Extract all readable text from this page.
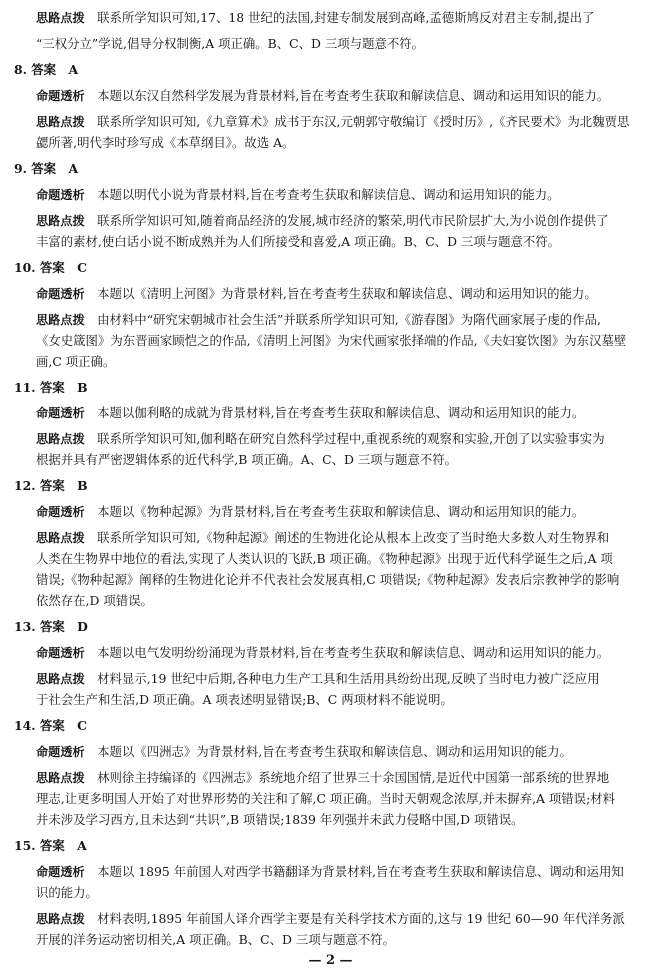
思路点拨  联系所学知识可知,17、18 世纪的法国,封建专制发展到高峰,孟德斯鸠反对君主专制,提出了
“三权分立”学说,倡导分权制衡,A 项正确。B、C、D 三项与题意不符。
8. 答案  A
命题透析  本题以东汉自然科学发展为背景材料,旨在考查考生获取和解读信息、调动和运用知识的能力。
思路点拨  联系所学知识可知,《九章算术》成书于东汉,元朝郭守敬编订《授时历》,《齐民要术》为北魏贾思
勰所著,明代李时珍写成《本草纲目》。故选 A。
9. 答案  A
命题透析  本题以明代小说为背景材料,旨在考查考生获取和解读信息、调动和运用知识的能力。
思路点拨  联系所学知识可知,随着商品经济的发展,城市经济的繁荣,明代市民阶层扩大,为小说创作提供了
丰富的素材,使白话小说不断成熟并为人们所接受和喜爱,A 项正确。B、C、D 三项与题意不符。
10. 答案  C
命题透析  本题以《清明上河图》为背景材料,旨在考查考生获取和解读信息、调动和运用知识的能力。
思路点拨  由材料中“研究宋朝城市社会生活”并联系所学知识可知,《游春图》为隋代画家展子虔的作品,
《女史箴图》为东晋画家顾恺之的作品,《清明上河图》为宋代画家张择端的作品,《夫妇宴饮图》为东汉墓壁
画,C 项正确。
11. 答案  B
命题透析  本题以伽利略的成就为背景材料,旨在考查考生获取和解读信息、调动和运用知识的能力。
思路点拨  联系所学知识可知,伽利略在研究自然科学过程中,重视系统的观察和实验,开创了以实验事实为
根据并具有严密逻辑体系的近代科学,B 项正确。A、C、D 三项与题意不符。
12. 答案  B
命题透析  本题以《物种起源》为背景材料,旨在考查考生获取和解读信息、调动和运用知识的能力。
思路点拨  联系所学知识可知,《物种起源》阐述的生物进化论从根本上改变了当时绝大多数人对生物界和
人类在生物界中地位的看法,实现了人类认识的飞跃,B 项正确。《物种起源》出现于近代科学诞生之后,A 项
错误;《物种起源》阐释的生物进化论并不代表社会发展真相,C 项错误;《物种起源》发表后宗教神学的影响
依然存在,D 项错误。
13. 答案  D
命题透析  本题以电气发明纷纷涌现为背景材料,旨在考查考生获取和解读信息、调动和运用知识的能力。
思路点拨  材料显示,19 世纪中后期,各种电力生产工具和生活用具纷纷出现,反映了当时电力被广泛应用
于社会生产和生活,D 项正确。A 项表述明显错误;B、C 两项材料不能说明。
14. 答案  C
命题透析  本题以《四洲志》为背景材料,旨在考查考生获取和解读信息、调动和运用知识的能力。
思路点拨  林则徐主持编译的《四洲志》系统地介绍了世界三十余国国情,是近代中国第一部系统的世界地
理志,让更多明国人开始了对世界形势的关注和了解,C 项正确。当时天朝观念浓厚,并未摒弃,A 项错误;材料
并未涉及学习西方,且未达到“共识”,B 项错误;1839 年列强并未武力侵略中国,D 项错误。
15. 答案  A
命题透析  本题以 1895 年前国人对西学书籍翻译为背景材料,旨在考查考生获取和解读信息、调动和运用知
识的能力。
思路点拨  材料表明,1895 年前国人译介西学主要是有关科学技术方面的,这与 19 世纪 60—90 年代洋务派
开展的洋务运动密切相关,A 项正确。B、C、D 三项与题意不符。
— 2 —
